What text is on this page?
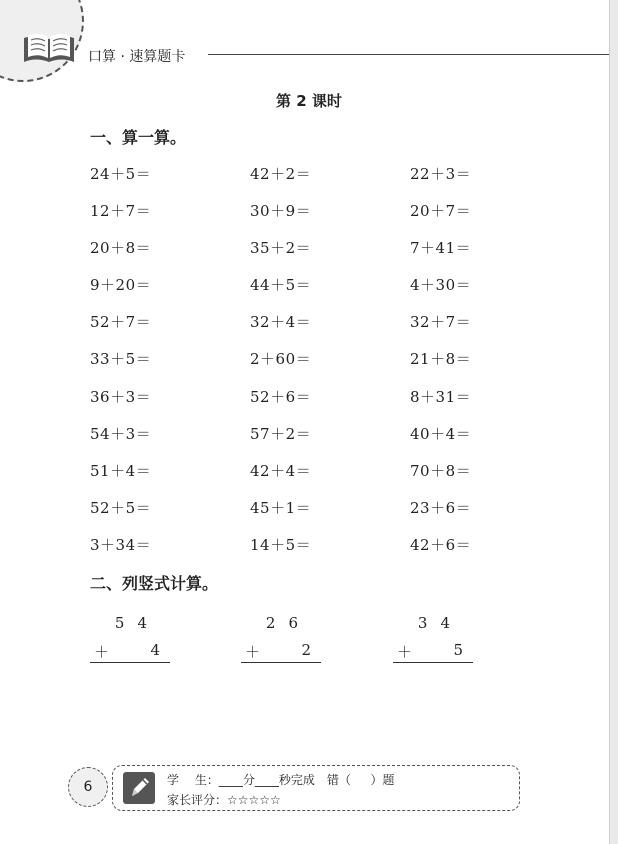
口算 · 速算题卡
第 2 课时
一、算一算。
24＋5＝	42＋2＝	22＋3＝
12＋7＝	30＋9＝	20＋7＝
20＋8＝	35＋2＝	7＋41＝
9＋20＝	44＋5＝	4＋30＝
52＋7＝	32＋4＝	32＋7＝
33＋5＝	2＋60＝	21＋8＝
36＋3＝	52＋6＝	8＋31＝
54＋3＝	57＋2＝	40＋4＝
51＋4＝	42＋4＝	70＋8＝
52＋5＝	45＋1＝	23＋6＝
3＋34＝	14＋5＝	42＋6＝
二、列竖式计算。
54
＋	4
26
＋	2
34
＋	5
6	学　 生：____分____秒完成　错（　  ）题
家长评分：☆☆☆☆☆
